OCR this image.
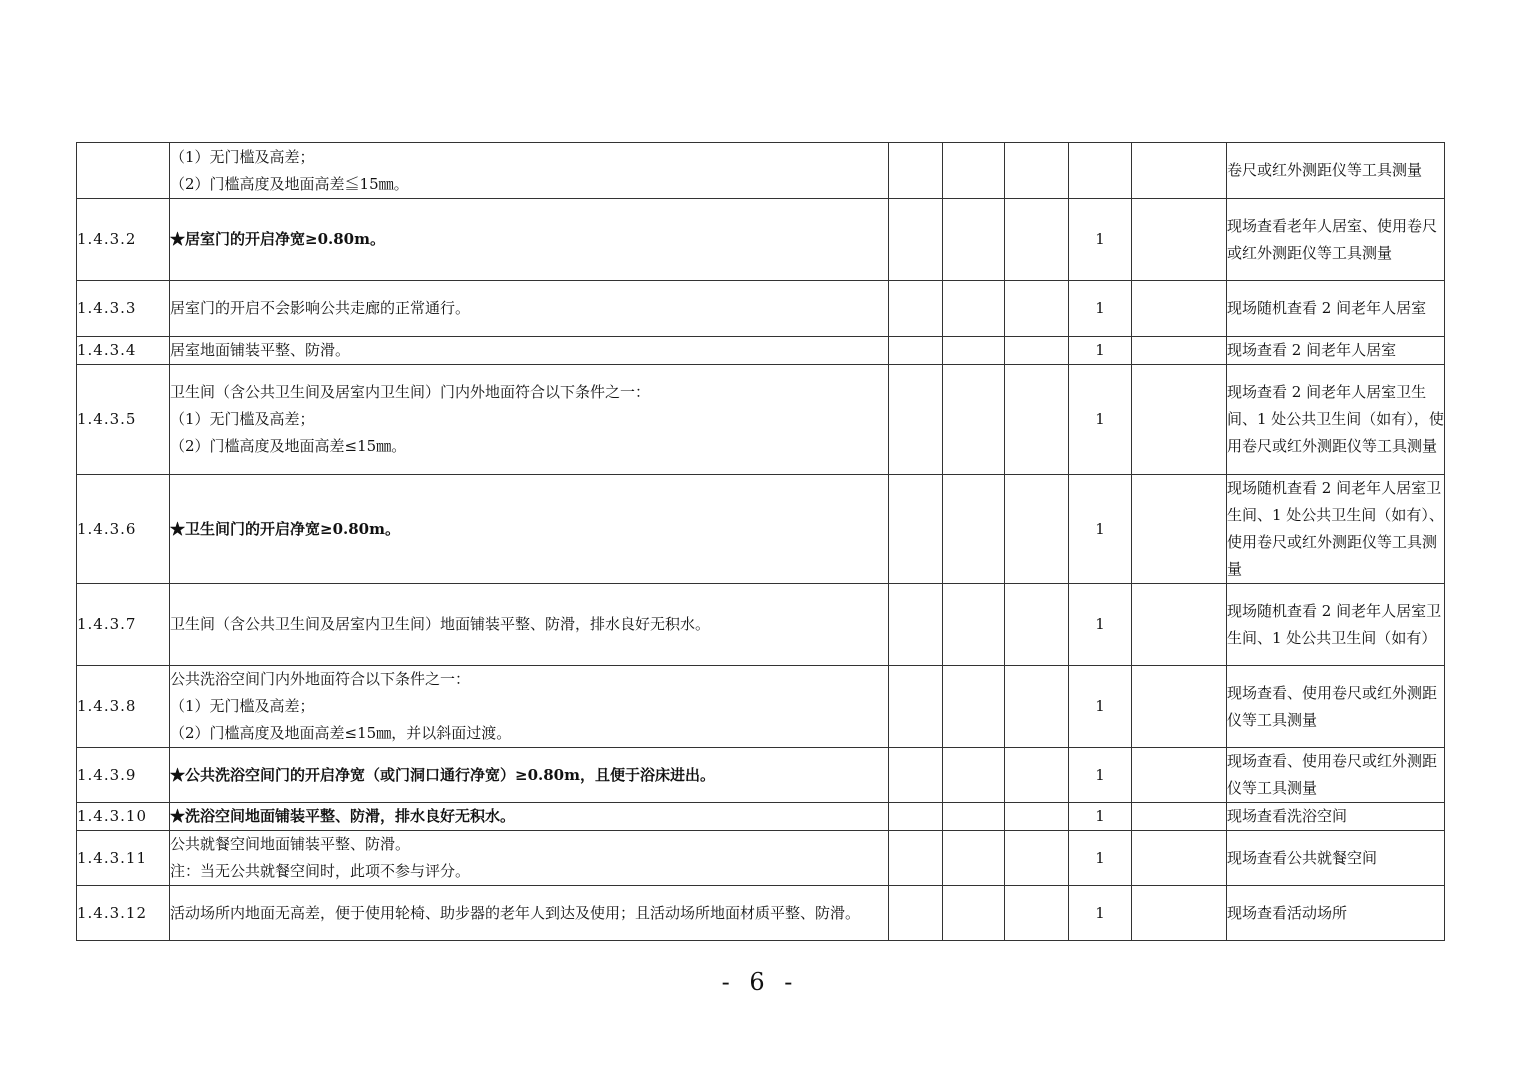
	（1）无门槛及高差；
（2）门槛高度及地面高差≦15㎜。						卷尺或红外测距仪等工具测量
1.4.3.2	★居室门的开启净宽≥0.80m。				1		现场查看老年人居室、使用卷尺或红外测距仪等工具测量
1.4.3.3	居室门的开启不会影响公共走廊的正常通行。				1		现场随机查看 2 间老年人居室
1.4.3.4	居室地面铺装平整、防滑。				1		现场查看 2 间老年人居室
1.4.3.5	卫生间（含公共卫生间及居室内卫生间）门内外地面符合以下条件之一：
（1）无门槛及高差；
（2）门槛高度及地面高差≤15㎜。				1		现场查看 2 间老年人居室卫生间、1 处公共卫生间（如有），使用卷尺或红外测距仪等工具测量
1.4.3.6	★卫生间门的开启净宽≥0.80m。				1		现场随机查看 2 间老年人居室卫生间、1 处公共卫生间（如有）、使用卷尺或红外测距仪等工具测量
1.4.3.7	卫生间（含公共卫生间及居室内卫生间）地面铺装平整、防滑，排水良好无积水。				1		现场随机查看 2 间老年人居室卫生间、1 处公共卫生间（如有）
1.4.3.8	公共洗浴空间门内外地面符合以下条件之一：
（1）无门槛及高差；
（2）门槛高度及地面高差≤15㎜，并以斜面过渡。				1		现场查看、使用卷尺或红外测距仪等工具测量
1.4.3.9	★公共洗浴空间门的开启净宽（或门洞口通行净宽）≥0.80m，且便于浴床进出。				1		现场查看、使用卷尺或红外测距仪等工具测量
1.4.3.10	★洗浴空间地面铺装平整、防滑，排水良好无积水。				1		现场查看洗浴空间
1.4.3.11	公共就餐空间地面铺装平整、防滑。
注：当无公共就餐空间时，此项不参与评分。				1		现场查看公共就餐空间
1.4.3.12	活动场所内地面无高差，便于使用轮椅、助步器的老年人到达及使用；且活动场所地面材质平整、防滑。				1		现场查看活动场所
- 6 -
